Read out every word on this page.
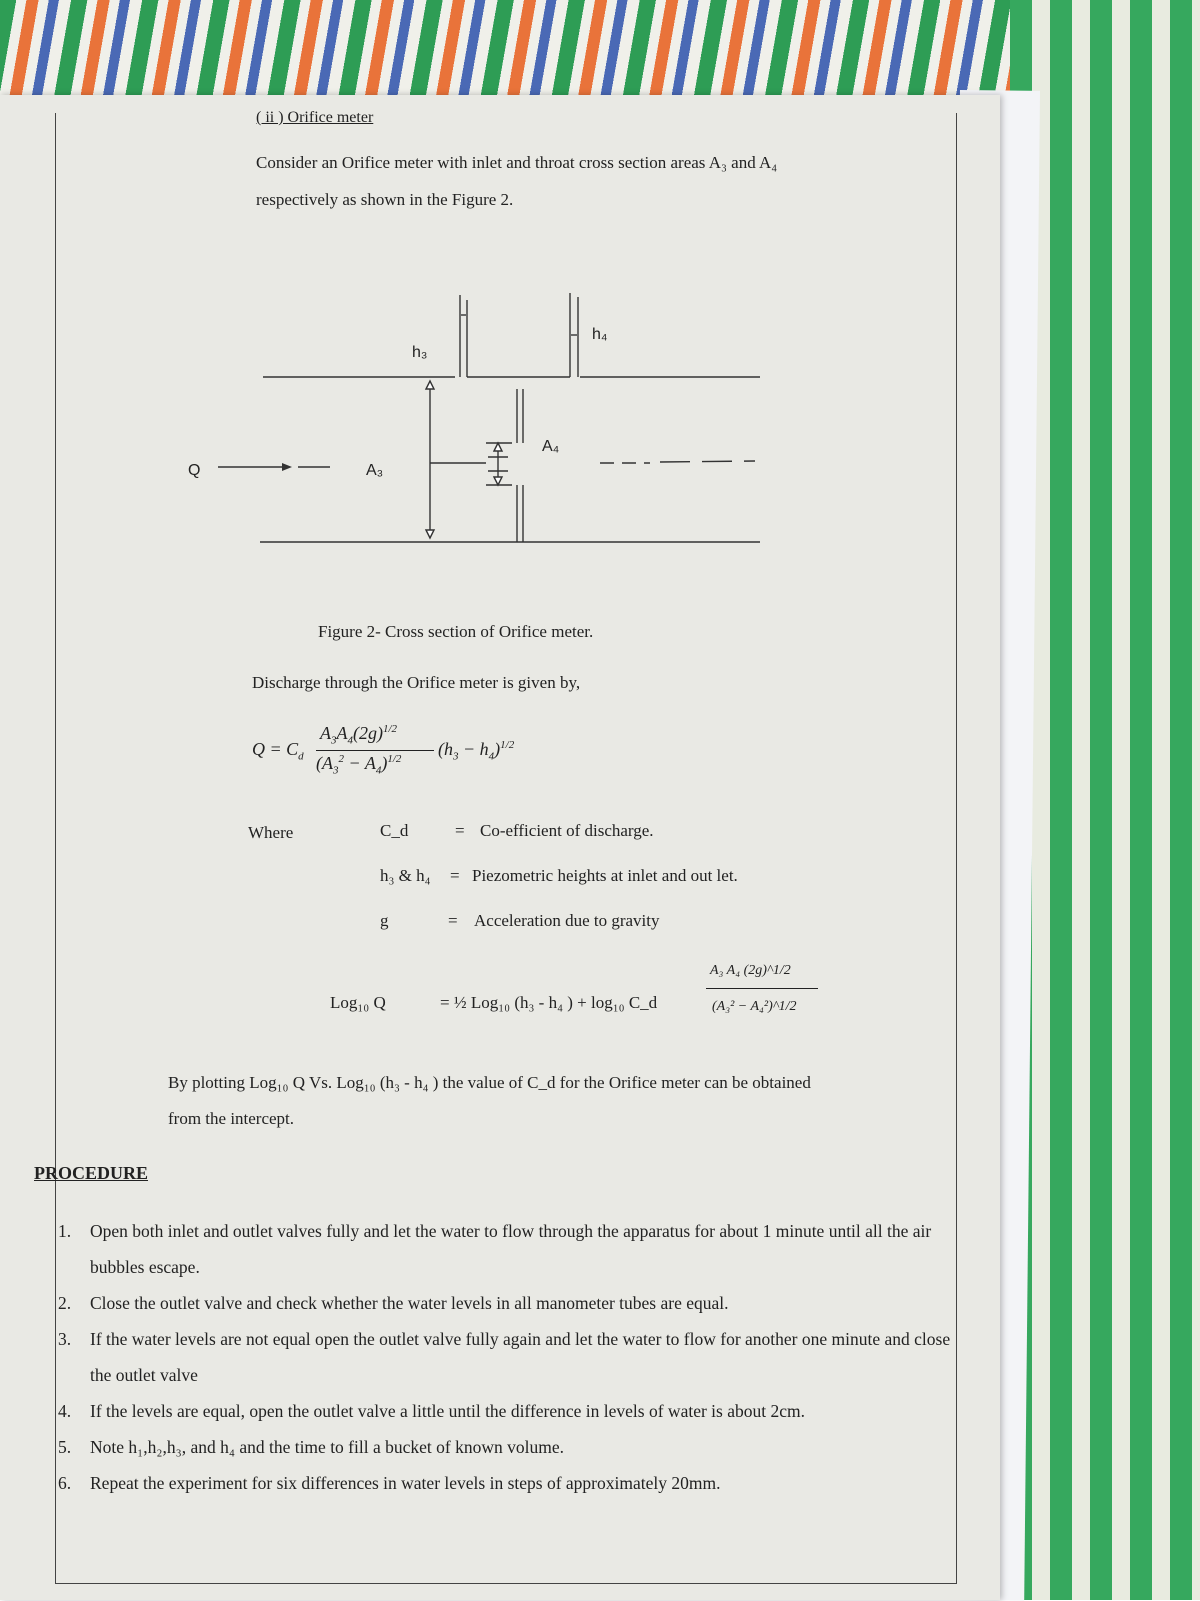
( ii ) Orifice meter
Consider an Orifice meter with inlet and throat cross section areas A₃ and A₄
respectively as shown in the Figure 2.
Q	A₃
A₄
h₃
h₄
Figure 2- Cross section of Orifice meter.
Discharge through the Orifice meter is given by,
$Q = C_d$
$A_3A_4(2g)^{1/2}$
$(A_3^2 - A_4)^{1/2}$ $(h_3 - h_4)^{1/2}$
Where	C_d	= Co-efficient of discharge.
h₃ & h₄ = Piezometric heights at inlet and out let.
g	= Acceleration due to gravity
Log₁₀ Q	= ½ Log₁₀ (h₃ - h₄ ) + log₁₀ C_d
A₃ A₄ (2g)^1/2
(A₃² − A₄²)^1/2
By plotting Log₁₀ Q Vs. Log₁₀ (h₃ - h₄ ) the value of C_d for the Orifice meter can be obtained
from the intercept.
PROCEDURE
1. Open both inlet and outlet valves fully and let the water to flow through the apparatus for about 1 minute until all the air bubbles escape.
2. Close the outlet valve and check whether the water levels in all manometer tubes are equal.
3. If the water levels are not equal open the outlet valve fully again and let the water to flow for another one minute and close the outlet valve
4. If the levels are equal, open the outlet valve a little until the difference in levels of water is about 2cm.
5. Note h₁,h₂,h₃, and h₄ and the time to fill a bucket of known volume.
6. Repeat the experiment for six differences in water levels in steps of approximately 20mm.
